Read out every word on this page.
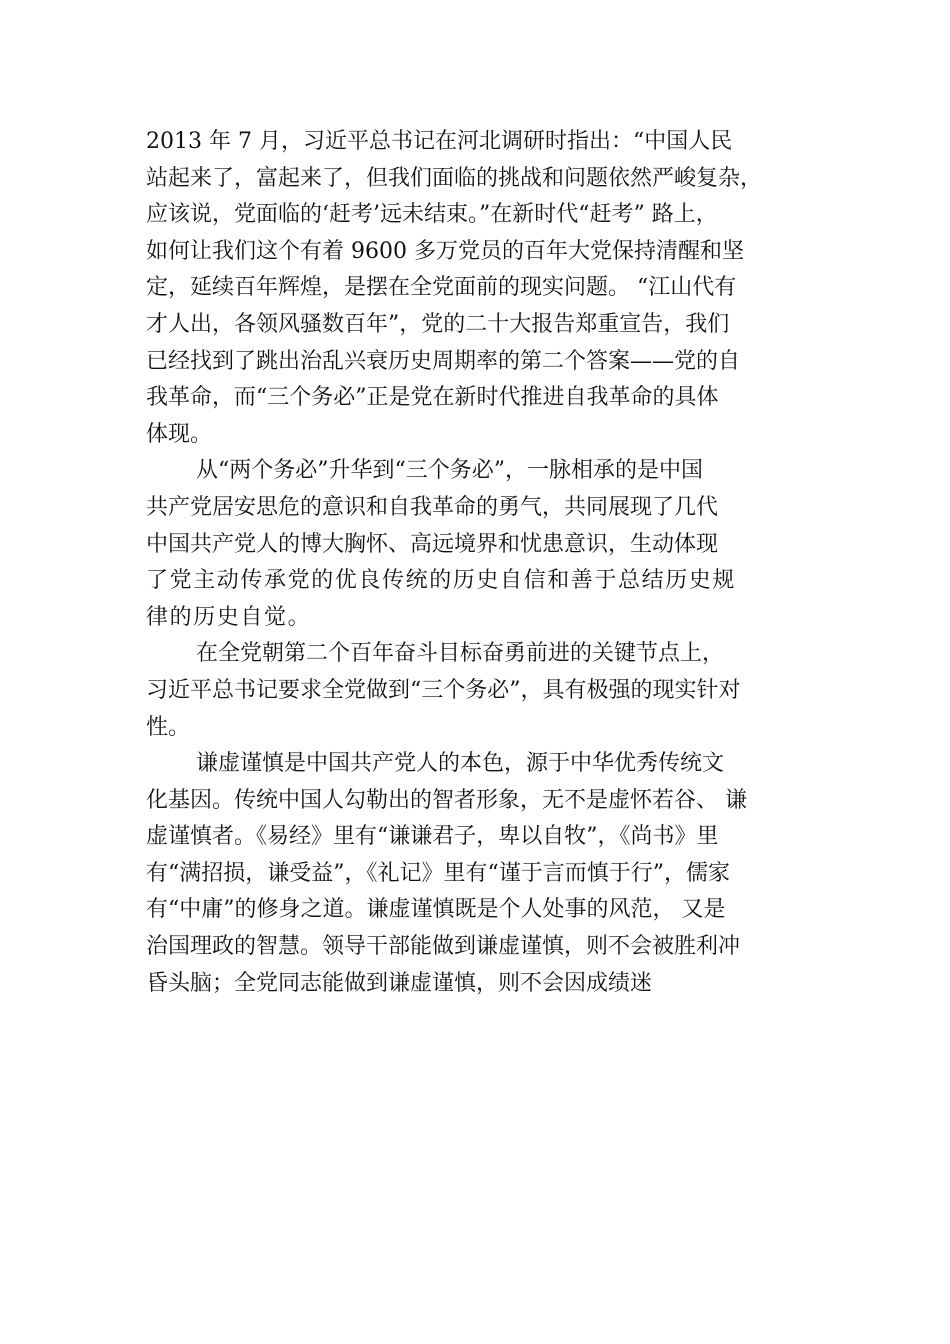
2013 年 7 月，习近平总书记在河北调研时指出：“中国人民
站起来了，富起来了，但我们面临的挑战和问题依然严峻复杂，
应该说，党面临的‘赶考’远未结束。”在新时代“赶考” 路上，
如何让我们这个有着 9600 多万党员的百年大党保持清醒和坚
定，延续百年辉煌，是摆在全党面前的现实问题。 “江山代有
才人出，各领风骚数百年”，党的二十大报告郑重宣告，我们
已经找到了跳出治乱兴衰历史周期率的第二个答案——党的自
我革命，而“三个务必”正是党在新时代推进自我革命的具体
体现。
从“两个务必”升华到“三个务必”，一脉相承的是中国
共产党居安思危的意识和自我革命的勇气，共同展现了几代
中国共产党人的博大胸怀、高远境界和忧患意识，生动体现
了党主动传承党的优良传统的历史自信和善于总结历史规
律的历史自觉。
在全党朝第二个百年奋斗目标奋勇前进的关键节点上，
习近平总书记要求全党做到“三个务必”，具有极强的现实针对
性。
谦虚谨慎是中国共产党人的本色，源于中华优秀传统文
化基因。传统中国人勾勒出的智者形象，无不是虚怀若谷、 谦
虚谨慎者。《易经》里有“谦谦君子，卑以自牧”，《尚书》里
有“满招损，谦受益”，《礼记》里有“谨于言而慎于行”，儒家
有“中庸”的修身之道。谦虚谨慎既是个人处事的风范， 又是
治国理政的智慧。领导干部能做到谦虚谨慎，则不会被胜利冲
昏头脑；全党同志能做到谦虚谨慎，则不会因成绩迷
